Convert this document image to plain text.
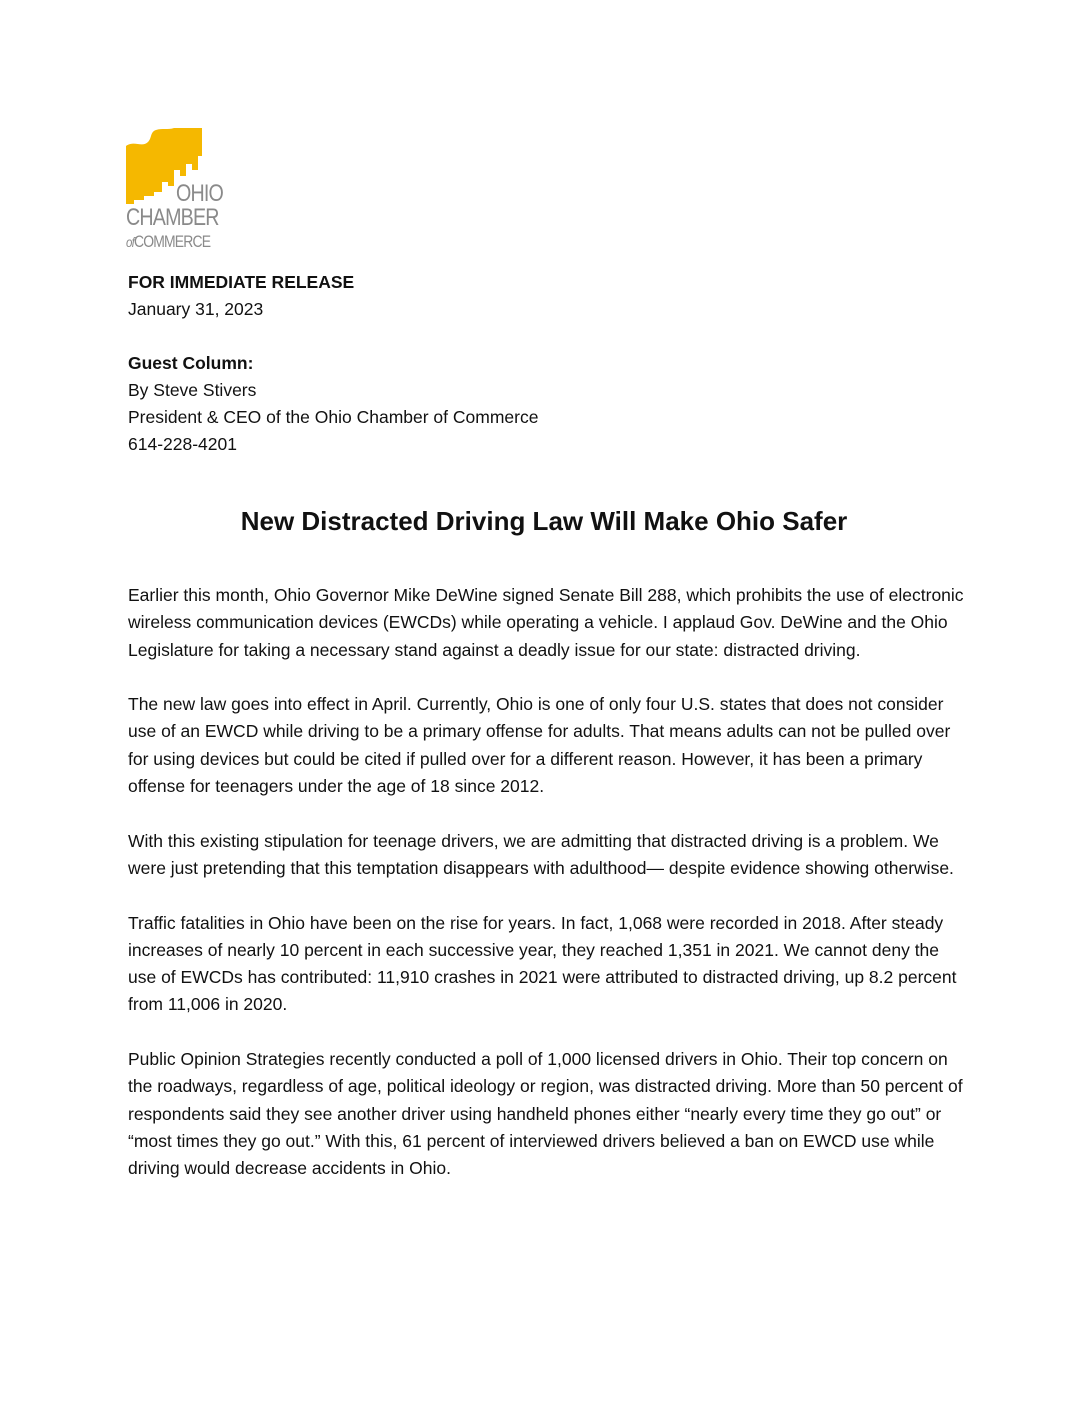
OHIO
CHAMBER
ofCOMMERCE
FOR IMMEDIATE RELEASE
January 31, 2023
Guest Column:
By Steve Stivers
President & CEO of the Ohio Chamber of Commerce
614-228-4201
New Distracted Driving Law Will Make Ohio Safer

Earlier this month, Ohio Governor Mike DeWine signed Senate Bill 288, which prohibits the use of electronic wireless communication devices (EWCDs) while operating a vehicle. I applaud Gov. DeWine and the Ohio Legislature for taking a necessary stand against a deadly issue for our state: distracted driving.

The new law goes into effect in April. Currently, Ohio is one of only four U.S. states that does not consider use of an EWCD while driving to be a primary offense for adults. That means adults can not be pulled over for using devices but could be cited if pulled over for a different reason. However, it has been a primary offense for teenagers under the age of 18 since 2012.

With this existing stipulation for teenage drivers, we are admitting that distracted driving is a problem. We were just pretending that this temptation disappears with adulthood— despite evidence showing otherwise.

Traffic fatalities in Ohio have been on the rise for years. In fact, 1,068 were recorded in 2018. After steady increases of nearly 10 percent in each successive year, they reached 1,351 in 2021. We cannot deny the use of EWCDs has contributed: 11,910 crashes in 2021 were attributed to distracted driving, up 8.2 percent from 11,006 in 2020.

Public Opinion Strategies recently conducted a poll of 1,000 licensed drivers in Ohio. Their top concern on the roadways, regardless of age, political ideology or region, was distracted driving. More than 50 percent of respondents said they see another driver using handheld phones either “nearly every time they go out” or “most times they go out.” With this, 61 percent of interviewed drivers believed a ban on EWCD use while driving would decrease accidents in Ohio.
